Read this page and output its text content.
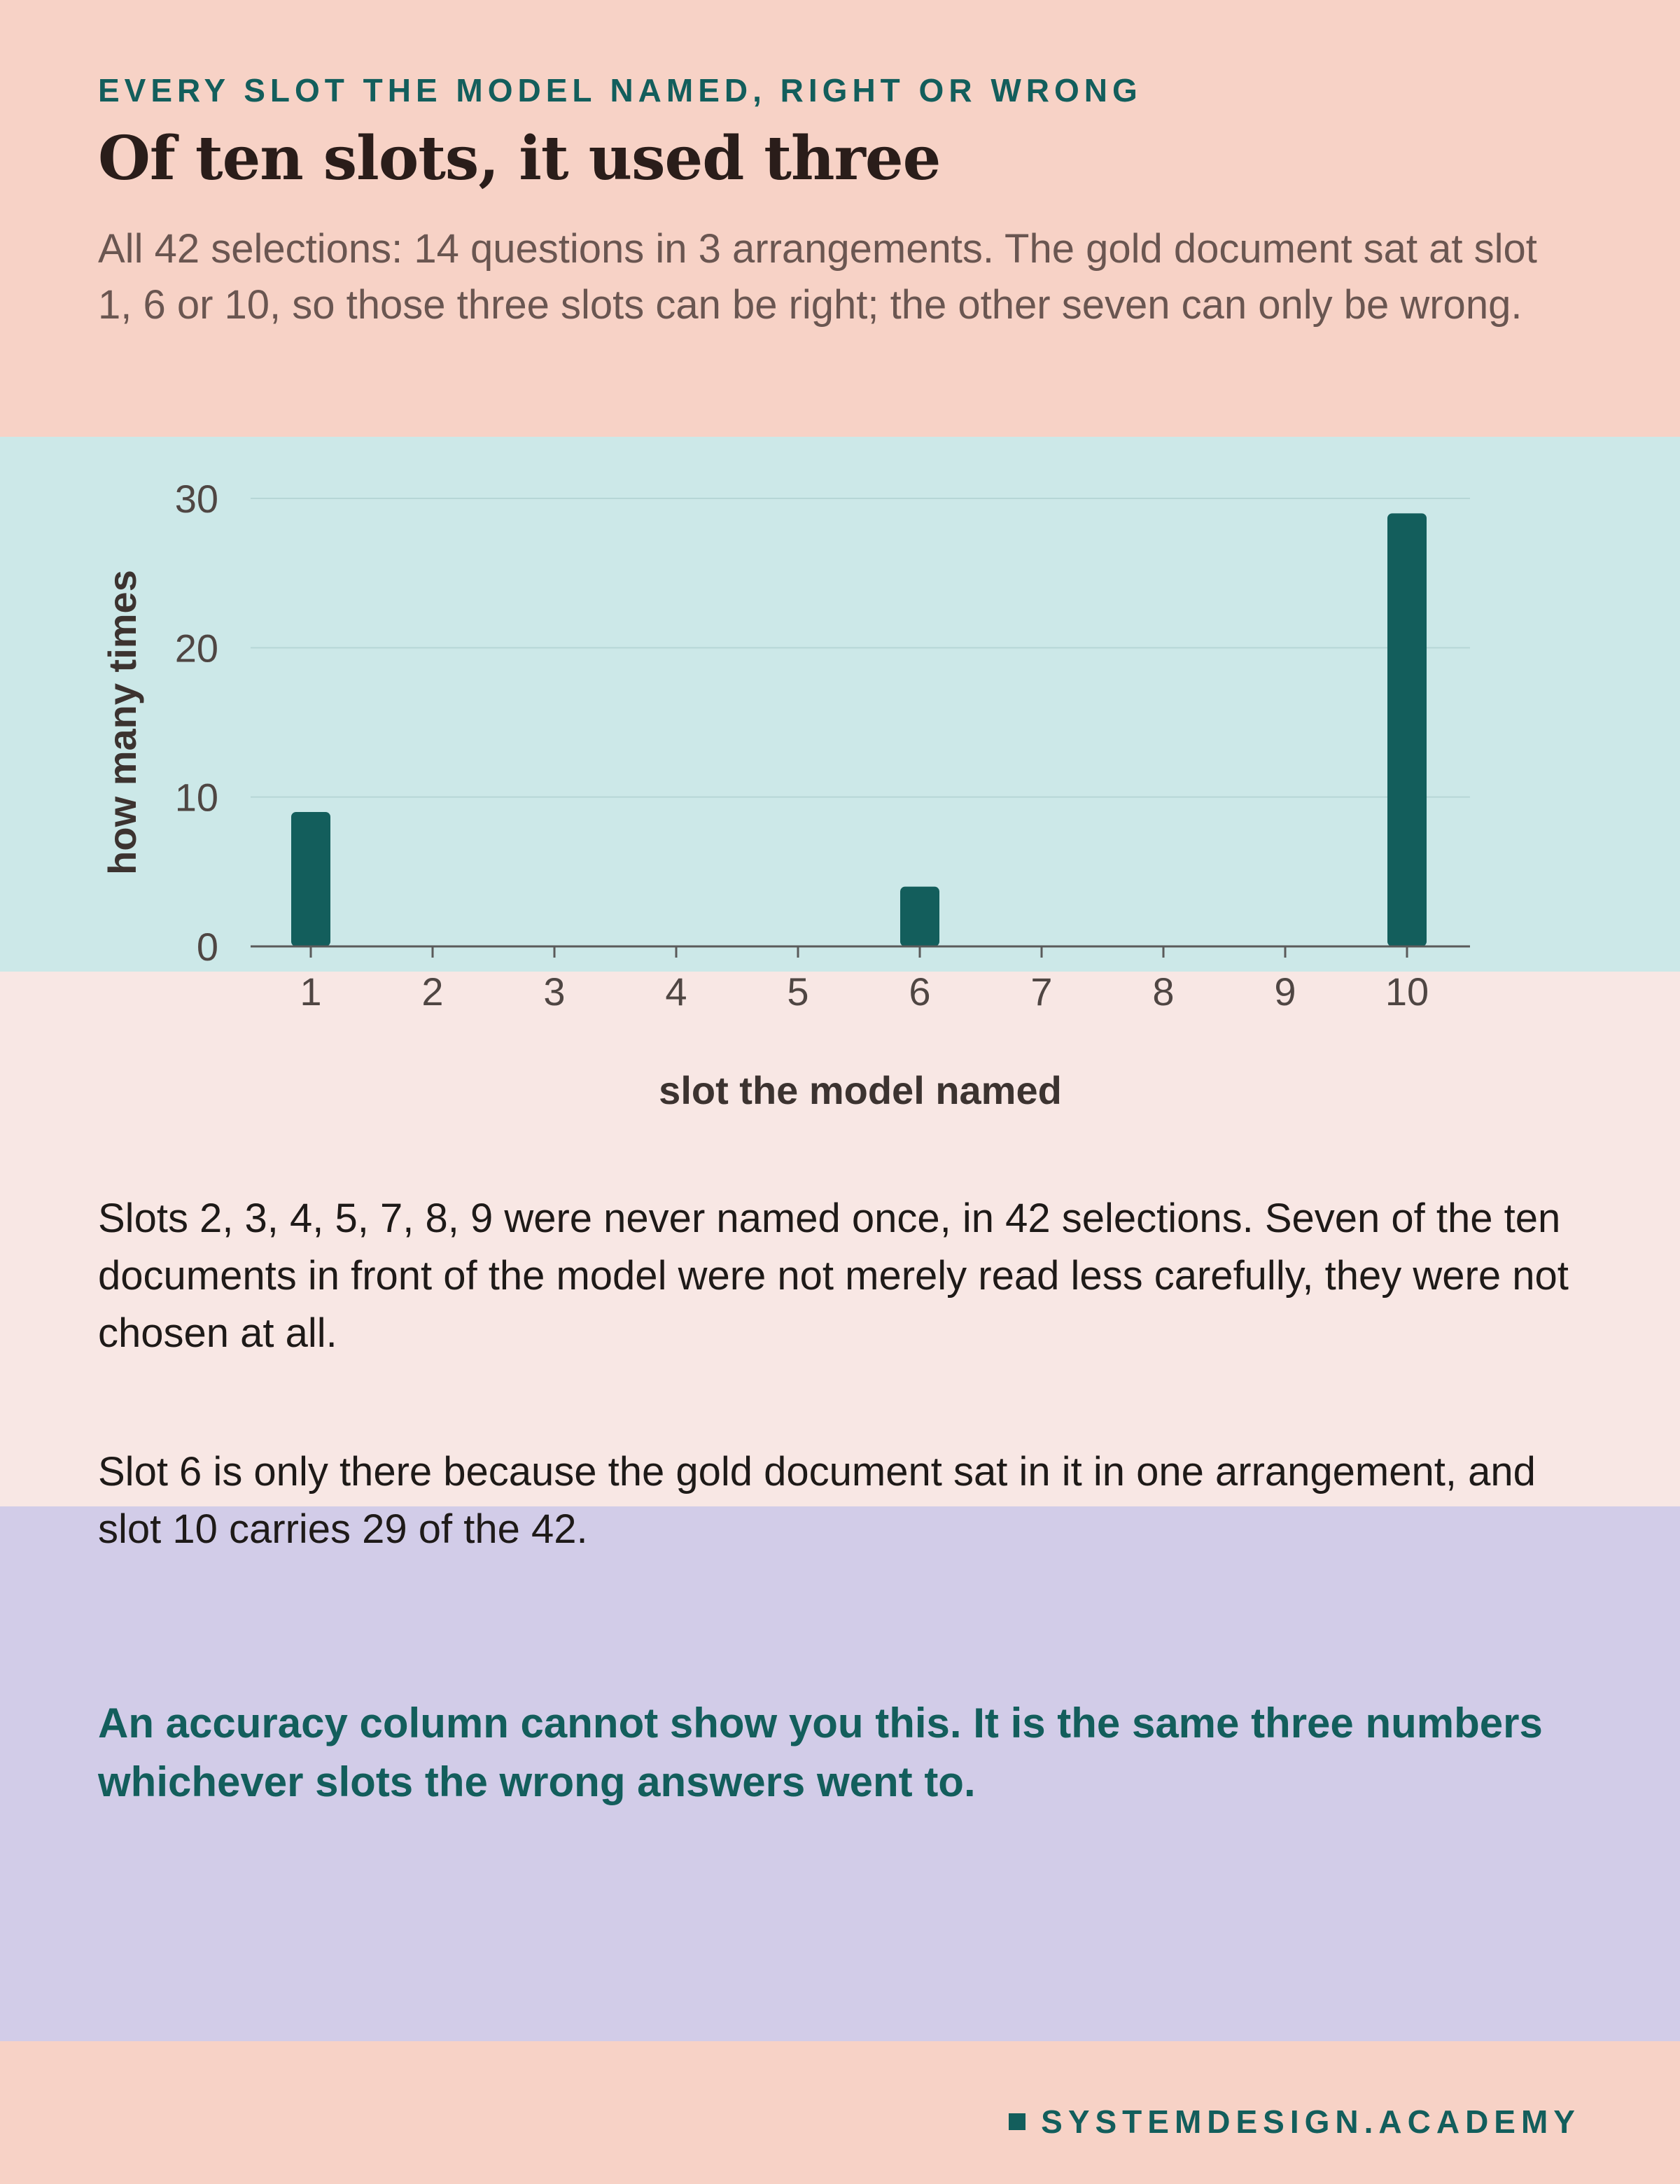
EVERY SLOT THE MODEL NAMED, RIGHT OR WRONG

Of ten slots, it used three

All 42 selections: 14 questions in 3 arrangements. The gold document sat at slot 1, 6 or 10, so those three slots can be right; the other seven can only be wrong.

0
10
20
30
1	2	3	4	5	6	7	8	9 10
how many times
slot the model named

Slots 2, 3, 4, 5, 7, 8, 9 were never named once, in 42 selections. Seven of the ten documents in front of the model were not merely read less carefully, they were not chosen at all.

Slot 6 is only there because the gold document sat in it in one arrangement, and slot 10 carries 29 of the 42.

An accuracy column cannot show you this. It is the same three numbers whichever slots the wrong answers went to.

SYSTEMDESIGN.ACADEMY
